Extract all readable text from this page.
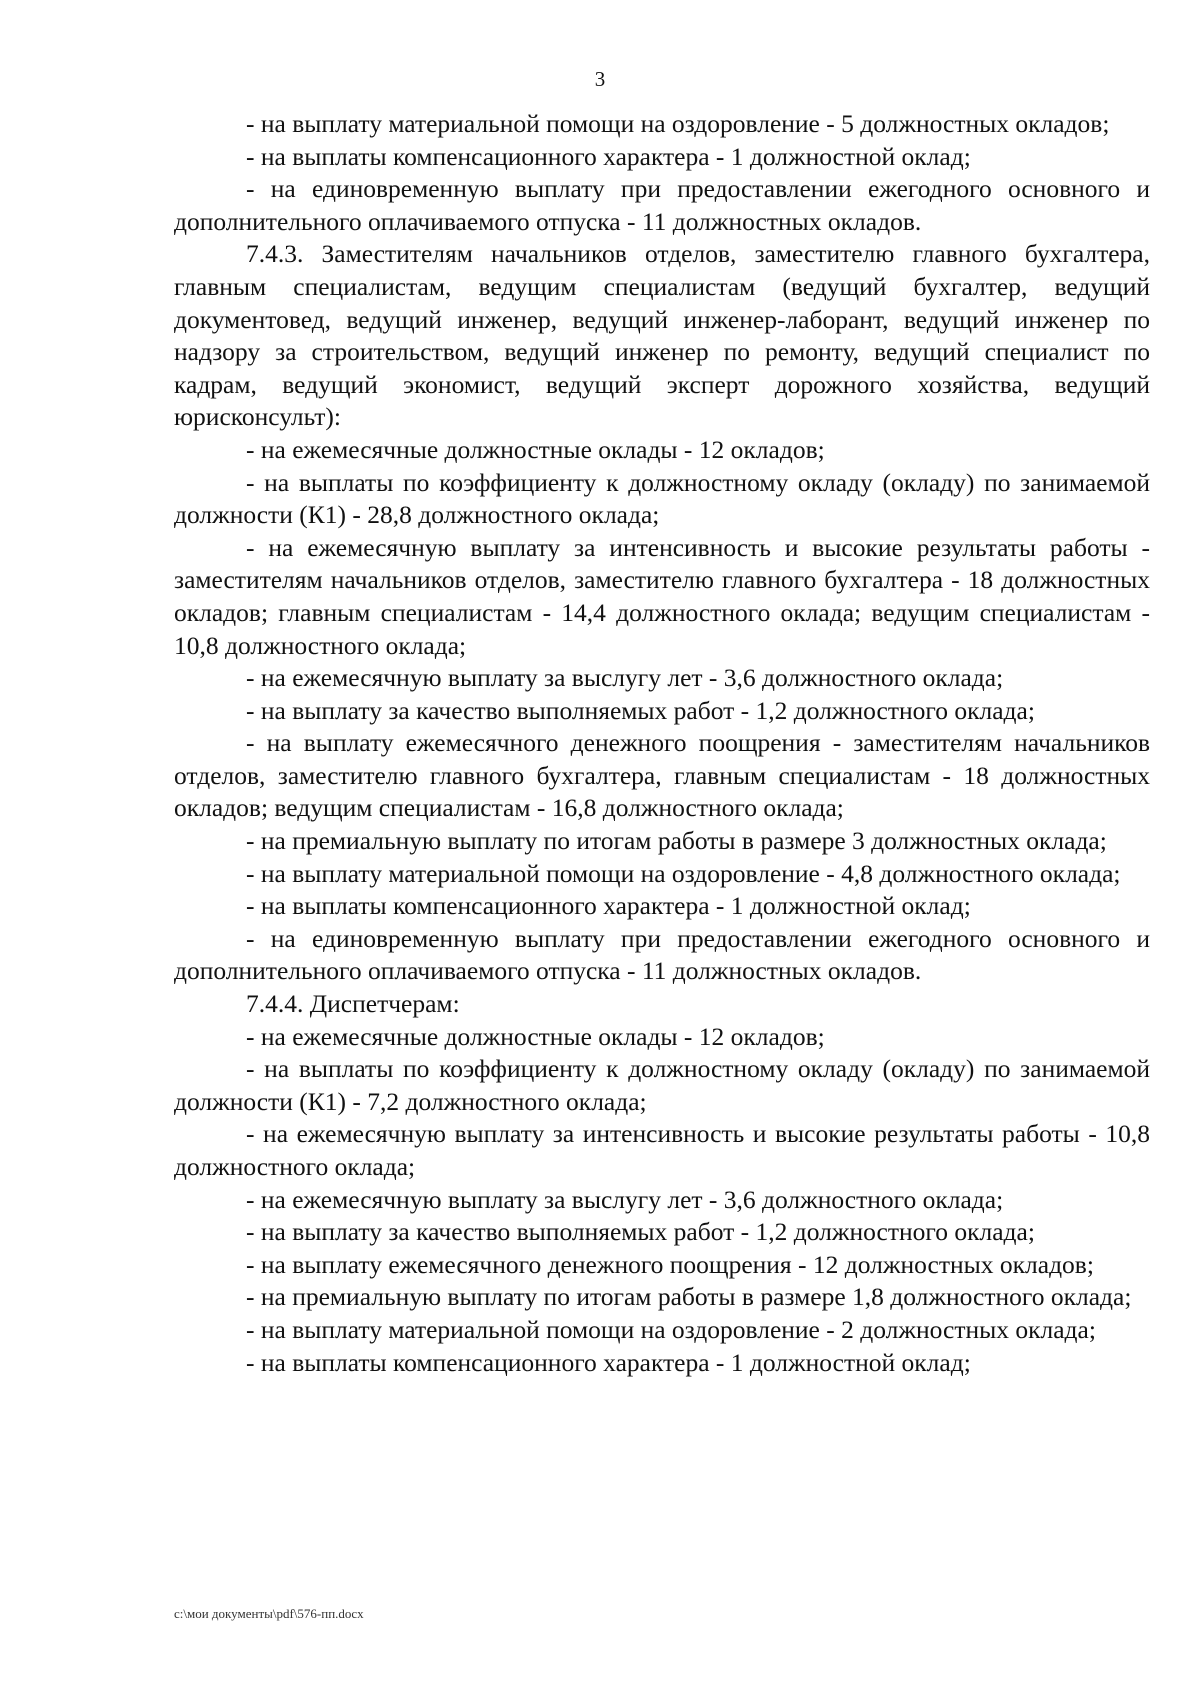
3

- на выплату материальной помощи на оздоровление - 5 должностных окладов;

- на выплаты компенсационного характера - 1 должностной оклад;

- на единовременную выплату при предоставлении ежегодного основного и дополнительного оплачиваемого отпуска - 11 должностных окладов.

7.4.3. Заместителям начальников отделов, заместителю главного бухгалтера, главным специалистам, ведущим специалистам (ведущий бухгалтер, ведущий документовед, ведущий инженер, ведущий инженер-лаборант, ведущий инженер по надзору за строительством, ведущий инженер по ремонту, ведущий специалист по кадрам, ведущий экономист, ведущий эксперт дорожного хозяйства, ведущий юрисконсульт):

- на ежемесячные должностные оклады - 12 окладов;

- на выплаты по коэффициенту к должностному окладу (окладу) по занимаемой должности (К1) - 28,8 должностного оклада;

- на ежемесячную выплату за интенсивность и высокие результаты работы - заместителям начальников отделов, заместителю главного бухгалтера - 18 должностных окладов; главным специалистам - 14,4 должностного оклада; ведущим специалистам - 10,8 должностного оклада;

- на ежемесячную выплату за выслугу лет - 3,6 должностного оклада;

- на выплату за качество выполняемых работ - 1,2 должностного оклада;

- на выплату ежемесячного денежного поощрения - заместителям начальников отделов, заместителю главного бухгалтера, главным специалистам - 18 должностных окладов; ведущим специалистам - 16,8 должностного оклада;

- на премиальную выплату по итогам работы в размере 3 должностных оклада;

- на выплату материальной помощи на оздоровление - 4,8 должностного оклада;

- на выплаты компенсационного характера - 1 должностной оклад;

- на единовременную выплату при предоставлении ежегодного основного и дополнительного оплачиваемого отпуска - 11 должностных окладов.

7.4.4. Диспетчерам:

- на ежемесячные должностные оклады - 12 окладов;

- на выплаты по коэффициенту к должностному окладу (окладу) по занимаемой должности (К1) - 7,2 должностного оклада;

- на ежемесячную выплату за интенсивность и высокие результаты работы - 10,8 должностного оклада;

- на ежемесячную выплату за выслугу лет - 3,6 должностного оклада;

- на выплату за качество выполняемых работ - 1,2 должностного оклада;

- на выплату ежемесячного денежного поощрения - 12 должностных окладов;

- на премиальную выплату по итогам работы в размере 1,8 должностного оклада;

- на выплату материальной помощи на оздоровление - 2 должностных оклада;

- на выплаты компенсационного характера - 1 должностной оклад;

c:\мои документы\pdf\576-пп.docx
